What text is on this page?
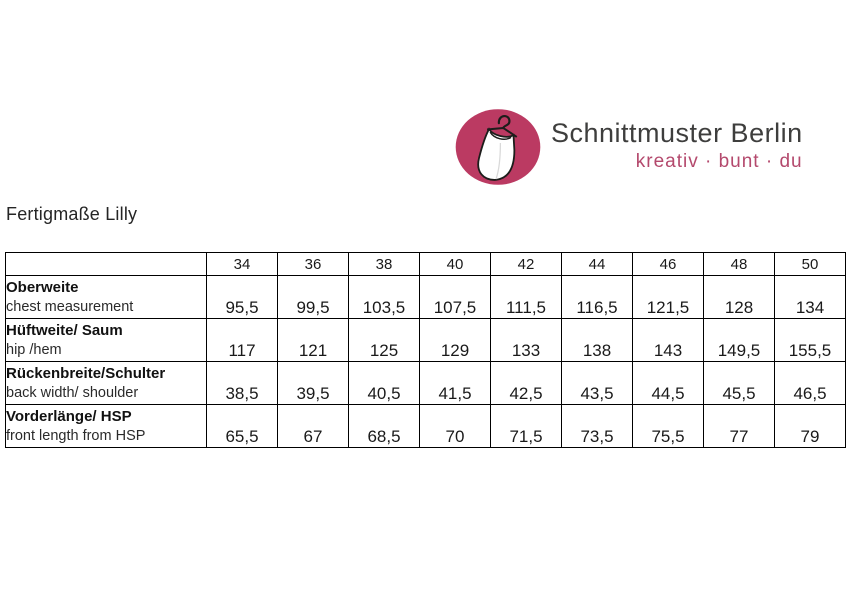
Schnittmuster Berlin
kreativ · bunt · du
Fertigmaße Lilly
	34	36	38	40	42	44	46	48	50

Oberweite
chest measurement	95,5	99,5	103,5	107,5	111,5	116,5	121,5	128	134

Hüftweite/ Saum
hip /hem	117	121	125	129	133	138	143	149,5	155,5

Rückenbreite/Schulter
back width/ shoulder	38,5	39,5	40,5	41,5	42,5	43,5	44,5	45,5	46,5

Vorderlänge/ HSP
front length from HSP	65,5	67	68,5	70	71,5	73,5	75,5	77	79
